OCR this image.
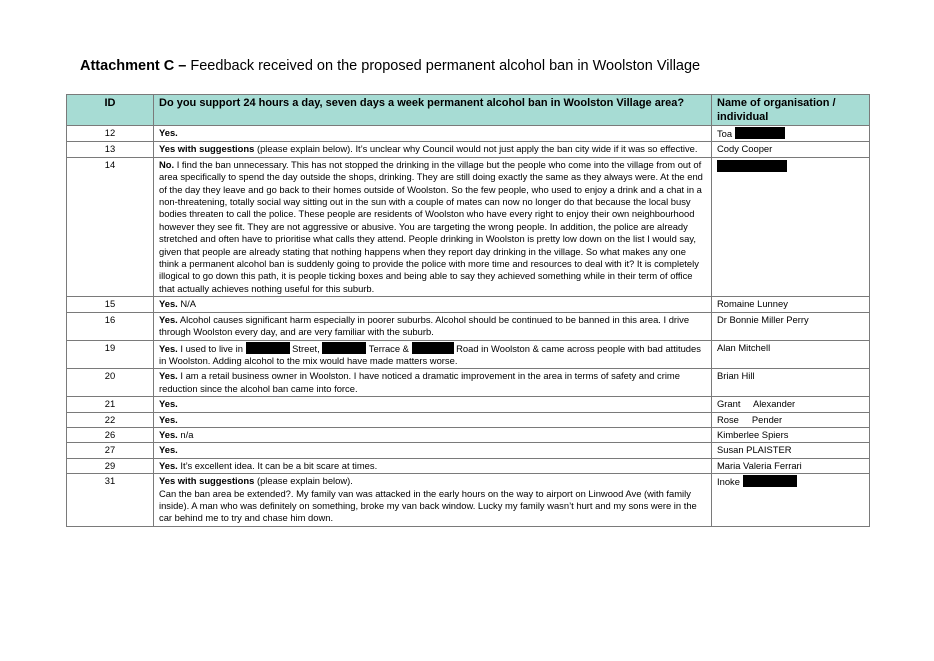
Attachment C – Feedback received on the proposed permanent alcohol ban in Woolston Village
ID	Do you support 24 hours a day, seven days a week permanent alcohol ban in Woolston Village area?	Name of organisation / individual
12	Yes.	Toa
13	Yes with suggestions (please explain below). It’s unclear why Council would not just apply the ban city wide if it was so effective.	Cody Cooper
14	No. I find the ban unnecessary. This has not stopped the drinking in the village but the people who come into the village from out of area specifically to spend the day outside the shops, drinking. They are still doing exactly the same as they always were. At the end of the day they leave and go back to their homes outside of Woolston. So the few people, who used to enjoy a drink and a chat in a non-threatening, totally social way sitting out in the sun with a couple of mates can now no longer do that because the local busy bodies threaten to call the police. These people are residents of Woolston who have every right to enjoy their own neighbourhood however they see fit. They are not aggressive or abusive. You are targeting the wrong people. In addition, the police are already stretched and often have to prioritise what calls they attend. People drinking in Woolston is pretty low down on the list I would say, given that people are already stating that nothing happens when they report day drinking in the village. So what makes any one think a permanent alcohol ban is suddenly going to provide the police with more time and resources to deal with it? It is completely illogical to go down this path, it is people ticking boxes and being able to say they achieved something while in their term of office that actually achieves nothing useful for this suburb.	
15	Yes. N/A	Romaine Lunney
16	Yes. Alcohol causes significant harm especially in poorer suburbs. Alcohol should be continued to be banned in this area. I drive through Woolston every day, and are very familiar with the suburb.	Dr Bonnie Miller Perry
19	Yes. I used to live in Street, Terrace & Road in Woolston & came across people with bad attitudes in Woolston. Adding alcohol to the mix would have made matters worse.	Alan Mitchell
20	Yes. I am a retail business owner in Woolston. I have noticed a dramatic improvement in the area in terms of safety and crime reduction since the alcohol ban came into force.	Brian Hill
21	Yes.	Grant     Alexander
22	Yes.	Rose     Pender
26	Yes. n/a	Kimberlee Spiers
27	Yes.	Susan PLAISTER
29	Yes. It’s excellent idea. It can be a bit scare at times.	Maria Valeria Ferrari
31	Yes with suggestions (please explain below).
Can the ban area be extended?. My family van was attacked in the early hours on the way to airport on Linwood Ave (with family inside). A man who was definitely on something, broke my van back window. Lucky my family wasn’t hurt and my sons were in the car behind me to try and chase him down.	Inoke
